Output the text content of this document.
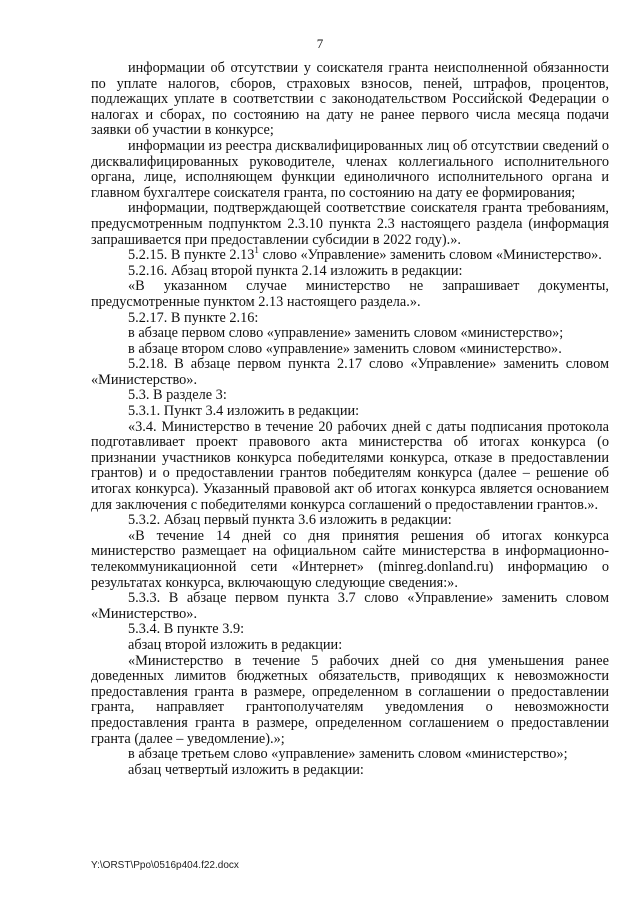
7

информации об отсутствии у соискателя гранта неисполненной обязанности по уплате налогов, сборов, страховых взносов, пеней, штрафов, процентов, подлежащих уплате в соответствии с законодательством Российской Федерации о налогах и сборах, по состоянию на дату не ранее первого числа месяца подачи заявки об участии в конкурсе;

информации из реестра дисквалифицированных лиц об отсутствии сведений о дисквалифицированных руководителе, членах коллегиального исполнительного органа, лице, исполняющем функции единоличного исполнительного органа и главном бухгалтере соискателя гранта, по состоянию на дату ее формирования;

информации, подтверждающей соответствие соискателя гранта требованиям, предусмотренным подпунктом 2.3.10 пункта 2.3 настоящего раздела (информация запрашивается при предоставлении субсидии в 2022 году).».

5.2.15. В пункте 2.13$^1$ слово «Управление» заменить словом «Министерство».

5.2.16. Абзац второй пункта 2.14 изложить в редакции:

«В указанном случае министерство не запрашивает документы, предусмотренные пунктом 2.13 настоящего раздела.».

5.2.17. В пункте 2.16:

в абзаце первом слово «управление» заменить словом «министерство»;

в абзаце втором слово «управление» заменить словом «министерство».

5.2.18. В абзаце первом пункта 2.17 слово «Управление» заменить словом «Министерство».

5.3. В разделе 3:

5.3.1. Пункт 3.4 изложить в редакции:

«3.4. Министерство в течение 20 рабочих дней с даты подписания протокола подготавливает проект правового акта министерства об итогах конкурса (о признании участников конкурса победителями конкурса, отказе в предоставлении грантов) и о предоставлении грантов победителям конкурса (далее – решение об итогах конкурса). Указанный правовой акт об итогах конкурса является основанием для заключения с победителями конкурса соглашений о предоставлении грантов.».

5.3.2. Абзац первый пункта 3.6 изложить в редакции:

«В течение 14 дней со дня принятия решения об итогах конкурса министерство размещает на официальном сайте министерства в информационно-телекоммуникационной сети «Интернет» (minreg.donland.ru) информацию о результатах конкурса, включающую следующие сведения:».

5.3.3. В абзаце первом пункта 3.7 слово «Управление» заменить словом «Министерство».

5.3.4. В пункте 3.9:

абзац второй изложить в редакции:

«Министерство в течение 5 рабочих дней со дня уменьшения ранее доведенных лимитов бюджетных обязательств, приводящих к невозможности предоставления гранта в размере, определенном в соглашении о предоставлении гранта, направляет грантополучателям уведомления о невозможности предоставления гранта в размере, определенном соглашением о предоставлении гранта (далее – уведомление).»;

в абзаце третьем слово «управление» заменить словом «министерство»;

абзац четвертый изложить в редакции:

Y:\ORST\Ppo\0516p404.f22.docx
